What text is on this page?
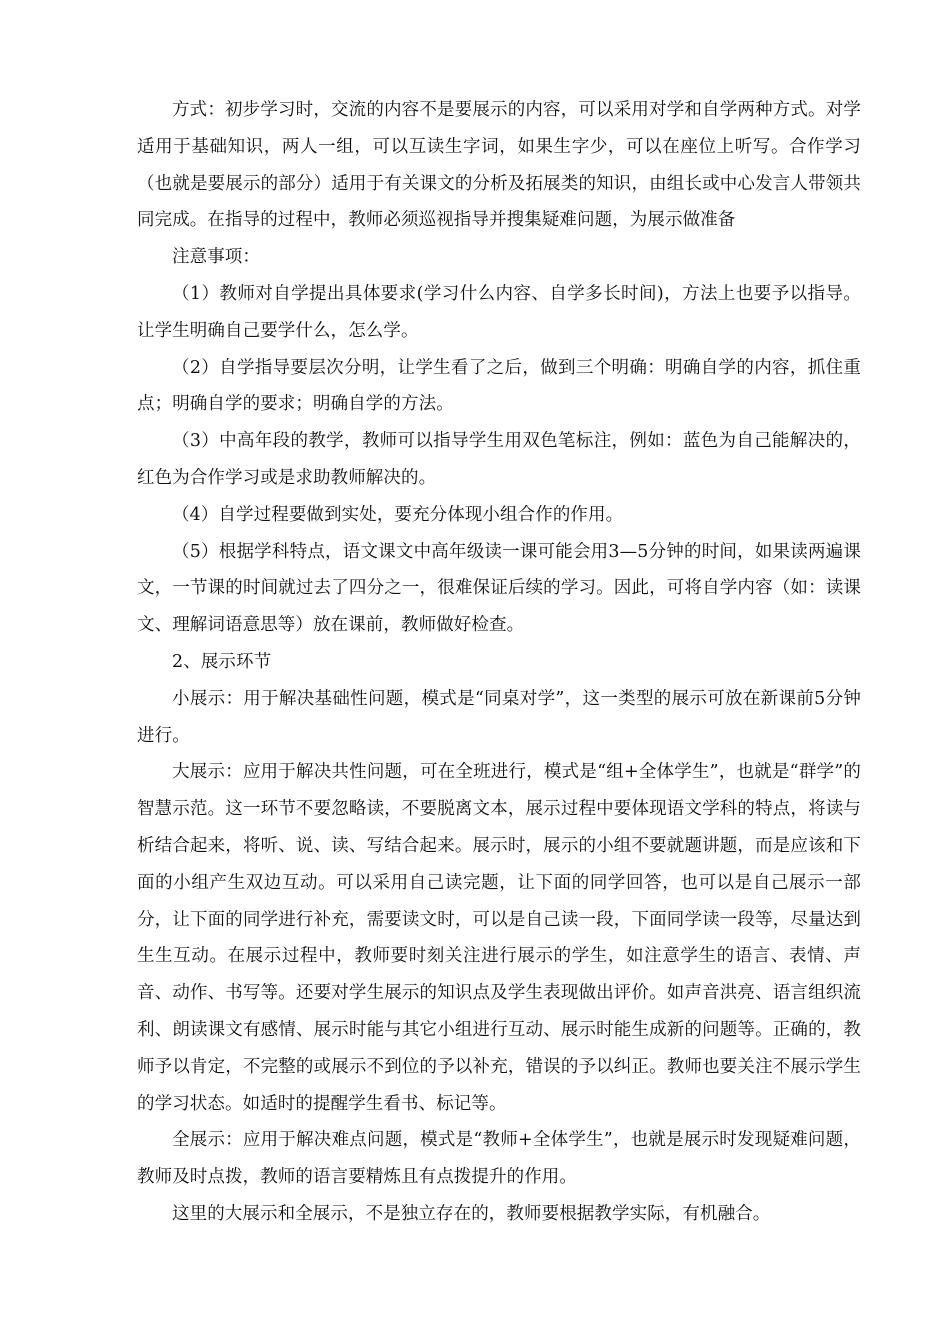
方式：初步学习时，交流的内容不是要展示的内容，可以采用对学和自学两种方式。对学适用于基础知识，两人一组，可以互读生字词，如果生字少，可以在座位上听写。合作学习（也就是要展示的部分）适用于有关课文的分析及拓展类的知识，由组长或中心发言人带领共同完成。在指导的过程中，教师必须巡视指导并搜集疑难问题，为展示做准备

注意事项：

（1）教师对自学提出具体要求(学习什么内容、自学多长时间)，方法上也要予以指导。让学生明确自己要学什么，怎么学。

（2）自学指导要层次分明，让学生看了之后，做到三个明确：明确自学的内容，抓住重点；明确自学的要求；明确自学的方法。

（3）中高年段的教学，教师可以指导学生用双色笔标注，例如：蓝色为自己能解决的，红色为合作学习或是求助教师解决的。

（4）自学过程要做到实处，要充分体现小组合作的作用。

（5）根据学科特点，语文课文中高年级读一课可能会用3—5分钟的时间，如果读两遍课文，一节课的时间就过去了四分之一，很难保证后续的学习。因此，可将自学内容（如：读课文、理解词语意思等）放在课前，教师做好检查。

2、展示环节

小展示：用于解决基础性问题，模式是“同桌对学”，这一类型的展示可放在新课前5分钟进行。

大展示：应用于解决共性问题，可在全班进行，模式是“组+全体学生”，也就是“群学”的智慧示范。这一环节不要忽略读，不要脱离文本，展示过程中要体现语文学科的特点，将读与析结合起来，将听、说、读、写结合起来。展示时，展示的小组不要就题讲题，而是应该和下面的小组产生双边互动。可以采用自己读完题，让下面的同学回答，也可以是自己展示一部分，让下面的同学进行补充，需要读文时，可以是自己读一段，下面同学读一段等，尽量达到生生互动。在展示过程中，教师要时刻关注进行展示的学生，如注意学生的语言、表情、声音、动作、书写等。还要对学生展示的知识点及学生表现做出评价。如声音洪亮、语言组织流利、朗读课文有感情、展示时能与其它小组进行互动、展示时能生成新的问题等。正确的，教师予以肯定，不完整的或展示不到位的予以补充，错误的予以纠正。教师也要关注不展示学生的学习状态。如适时的提醒学生看书、标记等。

全展示：应用于解决难点问题，模式是“教师+全体学生”，也就是展示时发现疑难问题，教师及时点拨，教师的语言要精炼且有点拨提升的作用。

这里的大展示和全展示，不是独立存在的，教师要根据教学实际，有机融合。
